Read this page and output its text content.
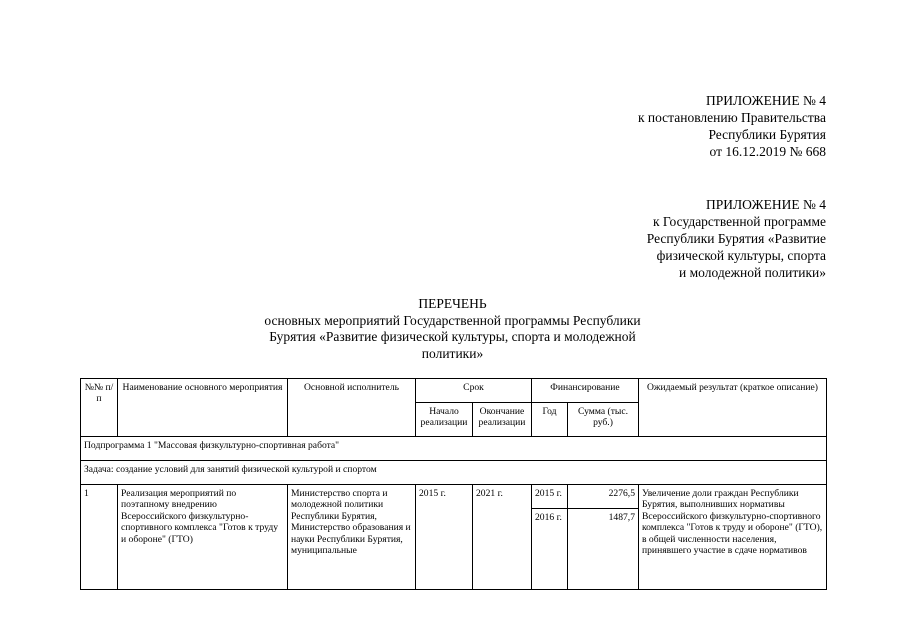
ПРИЛОЖЕНИЕ № 4
к постановлению Правительства
Республики Бурятия
от 16.12.2019 № 668
ПРИЛОЖЕНИЕ № 4
к Государственной программе
Республики Бурятия «Развитие
физической культуры, спорта
и молодежной политики»
ПЕРЕЧЕНЬ
основных мероприятий Государственной программы Республики
Бурятия «Развитие физической культуры, спорта и молодежной
политики»
№№ п/п	Наименование основного мероприятия	Основной исполнитель	Срок		Финансирование		Ожидаемый результат (краткое описание)
			Начало реализации	Окончание реализации	Год	Сумма (тыс. руб.)	
Подпрограмма 1 "Массовая физкультурно-спортивная работа"							
Задача: создание условий для занятий физической культурой и спортом							
1	Реализация мероприятий по поэтапному внедрению Всероссийского физкультурно-спортивного комплекса "Готов к труду и обороне" (ГТО)	Министерство спорта и молодежной политики Республики Бурятия, Министерство образования и науки Республики Бурятия, муниципальные	2015 г.	2021 г.	2015 г.	2276,5	Увеличение доли граждан Республики Бурятия, выполнивших нормативы Всероссийского физкультурно-спортивного комплекса "Готов к труду и обороне" (ГТО), в общей численности населения, принявшего участие в сдаче нормативов
					2016 г.	1487,7	
